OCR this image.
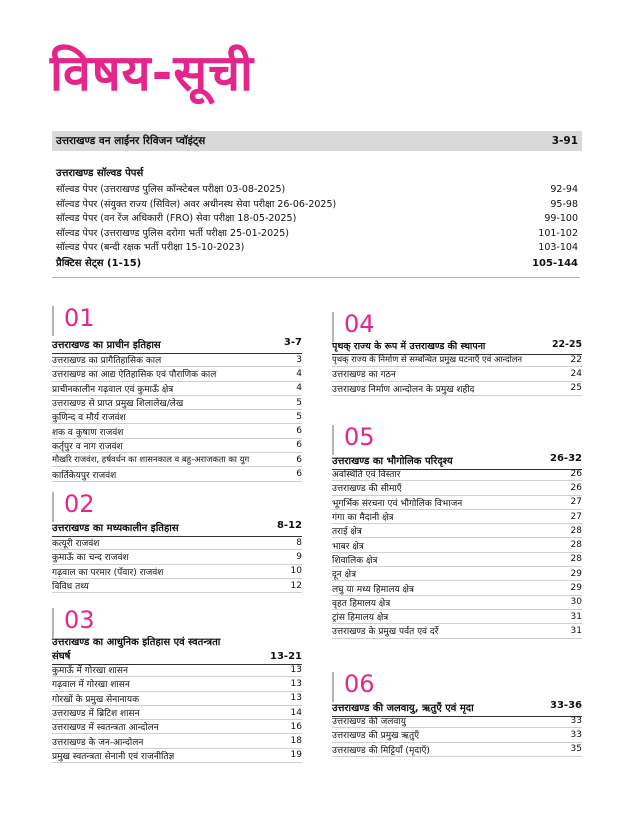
विषय-सूची
उत्तराखण्ड वन लाईनर रिविजन प्वॉइंट्स	3-91
उत्तराखण्ड सॉल्वड पेपर्स
सॉल्वड पेपर (उत्तराखण्ड पुलिस कॉन्स्टेबल परीक्षा 03-08-2025)	92-94
सॉल्वड पेपर (संयुक्त राज्य (सिविल) अवर अधीनस्थ सेवा परीक्षा 26-06-2025)	95-98
सॉल्वड पेपर (वन रेंज अधिकारी (FRO) सेवा परीक्षा 18-05-2025)	99-100
सॉल्वड पेपर (उत्तराखण्ड पुलिस दरोगा भर्ती परीक्षा 25-01-2025)	101-102
सॉल्वड पेपर (बन्दी रक्षक भर्ती परीक्षा 15-10-2023)	103-104
प्रैक्टिस सेट्स (1-15)	105-144
01
उत्तराखण्ड का प्राचीन इतिहास	3-7
उत्तराखण्ड का प्रागैतिहासिक काल	3
उत्तराखण्ड का आद्य ऐतिहासिक एवं पौराणिक काल	4
प्राचीनकालीन गढ़वाल एवं कुमाऊँ क्षेत्र	4
उत्तराखण्ड से प्राप्त प्रमुख शिलालेख/लेख	5
कुणिन्द व मौर्य राजवंश	5
शक व कुषाण राजवंश	6
कर्तृपुर व नाग राजवंश	6
मौखरि राजवंश, हर्षवर्धन का शासनकाल व बहु-अराजकता का युग	6
कार्तिकेयपुर राजवंश	6
02
उत्तराखण्ड का मध्यकालीन इतिहास	8-12
कत्यूरी राजवंश	8
कुमाऊँ का चन्द राजवंश	9
गढ़वाल का परमार (पँवार) राजवंश	10
विविध तथ्य	12
03
उत्तराखण्ड का आधुनिक इतिहास एवं स्वतन्त्रता
संघर्ष	13-21
कुमाऊँ में गोरखा शासन	13
गढ़वाल में गोरखा शासन	13
गोरखों के प्रमुख सेनानायक	13
उत्तराखण्ड में ब्रिटिश शासन	14
उत्तराखण्ड में स्वतन्त्रता आन्दोलन	16
उत्तराखण्ड के जन-आन्दोलन	18
प्रमुख स्वतन्त्रता सेनानी एवं राजनीतिज्ञ	19
04
पृथक् राज्य के रूप में उत्तराखण्ड की स्थापना	22-25
पृथक् राज्य के निर्माण से सम्बन्धित प्रमुख घटनाएँ एवं आन्दोलन	22
उत्तराखण्ड का गठन	24
उत्तराखण्ड निर्माण आन्दोलन के प्रमुख शहीद	25
05
उत्तराखण्ड का भौगोलिक परिदृश्य	26-32
अवस्थिति एवं विस्तार	26
उत्तराखण्ड की सीमाएँ	26
भूगर्भिक संरचना एवं भौगोलिक विभाजन	27
गंगा का मैदानी क्षेत्र	27
तराई क्षेत्र	28
भाबर क्षेत्र	28
शिवालिक क्षेत्र	28
दून क्षेत्र	29
लघु या मध्य हिमालय क्षेत्र	29
वृहत हिमालय क्षेत्र	30
ट्रांस हिमालय क्षेत्र	31
उत्तराखण्ड के प्रमुख पर्वत एवं दर्रे	31
06
उत्तराखण्ड की जलवायु, ऋतुएँ एवं मृदा	33-36
उत्तराखण्ड की जलवायु	33
उत्तराखण्ड की प्रमुख ऋतुएँ	33
उत्तराखण्ड की मिट्टियाँ (मृदाएँ)	35
